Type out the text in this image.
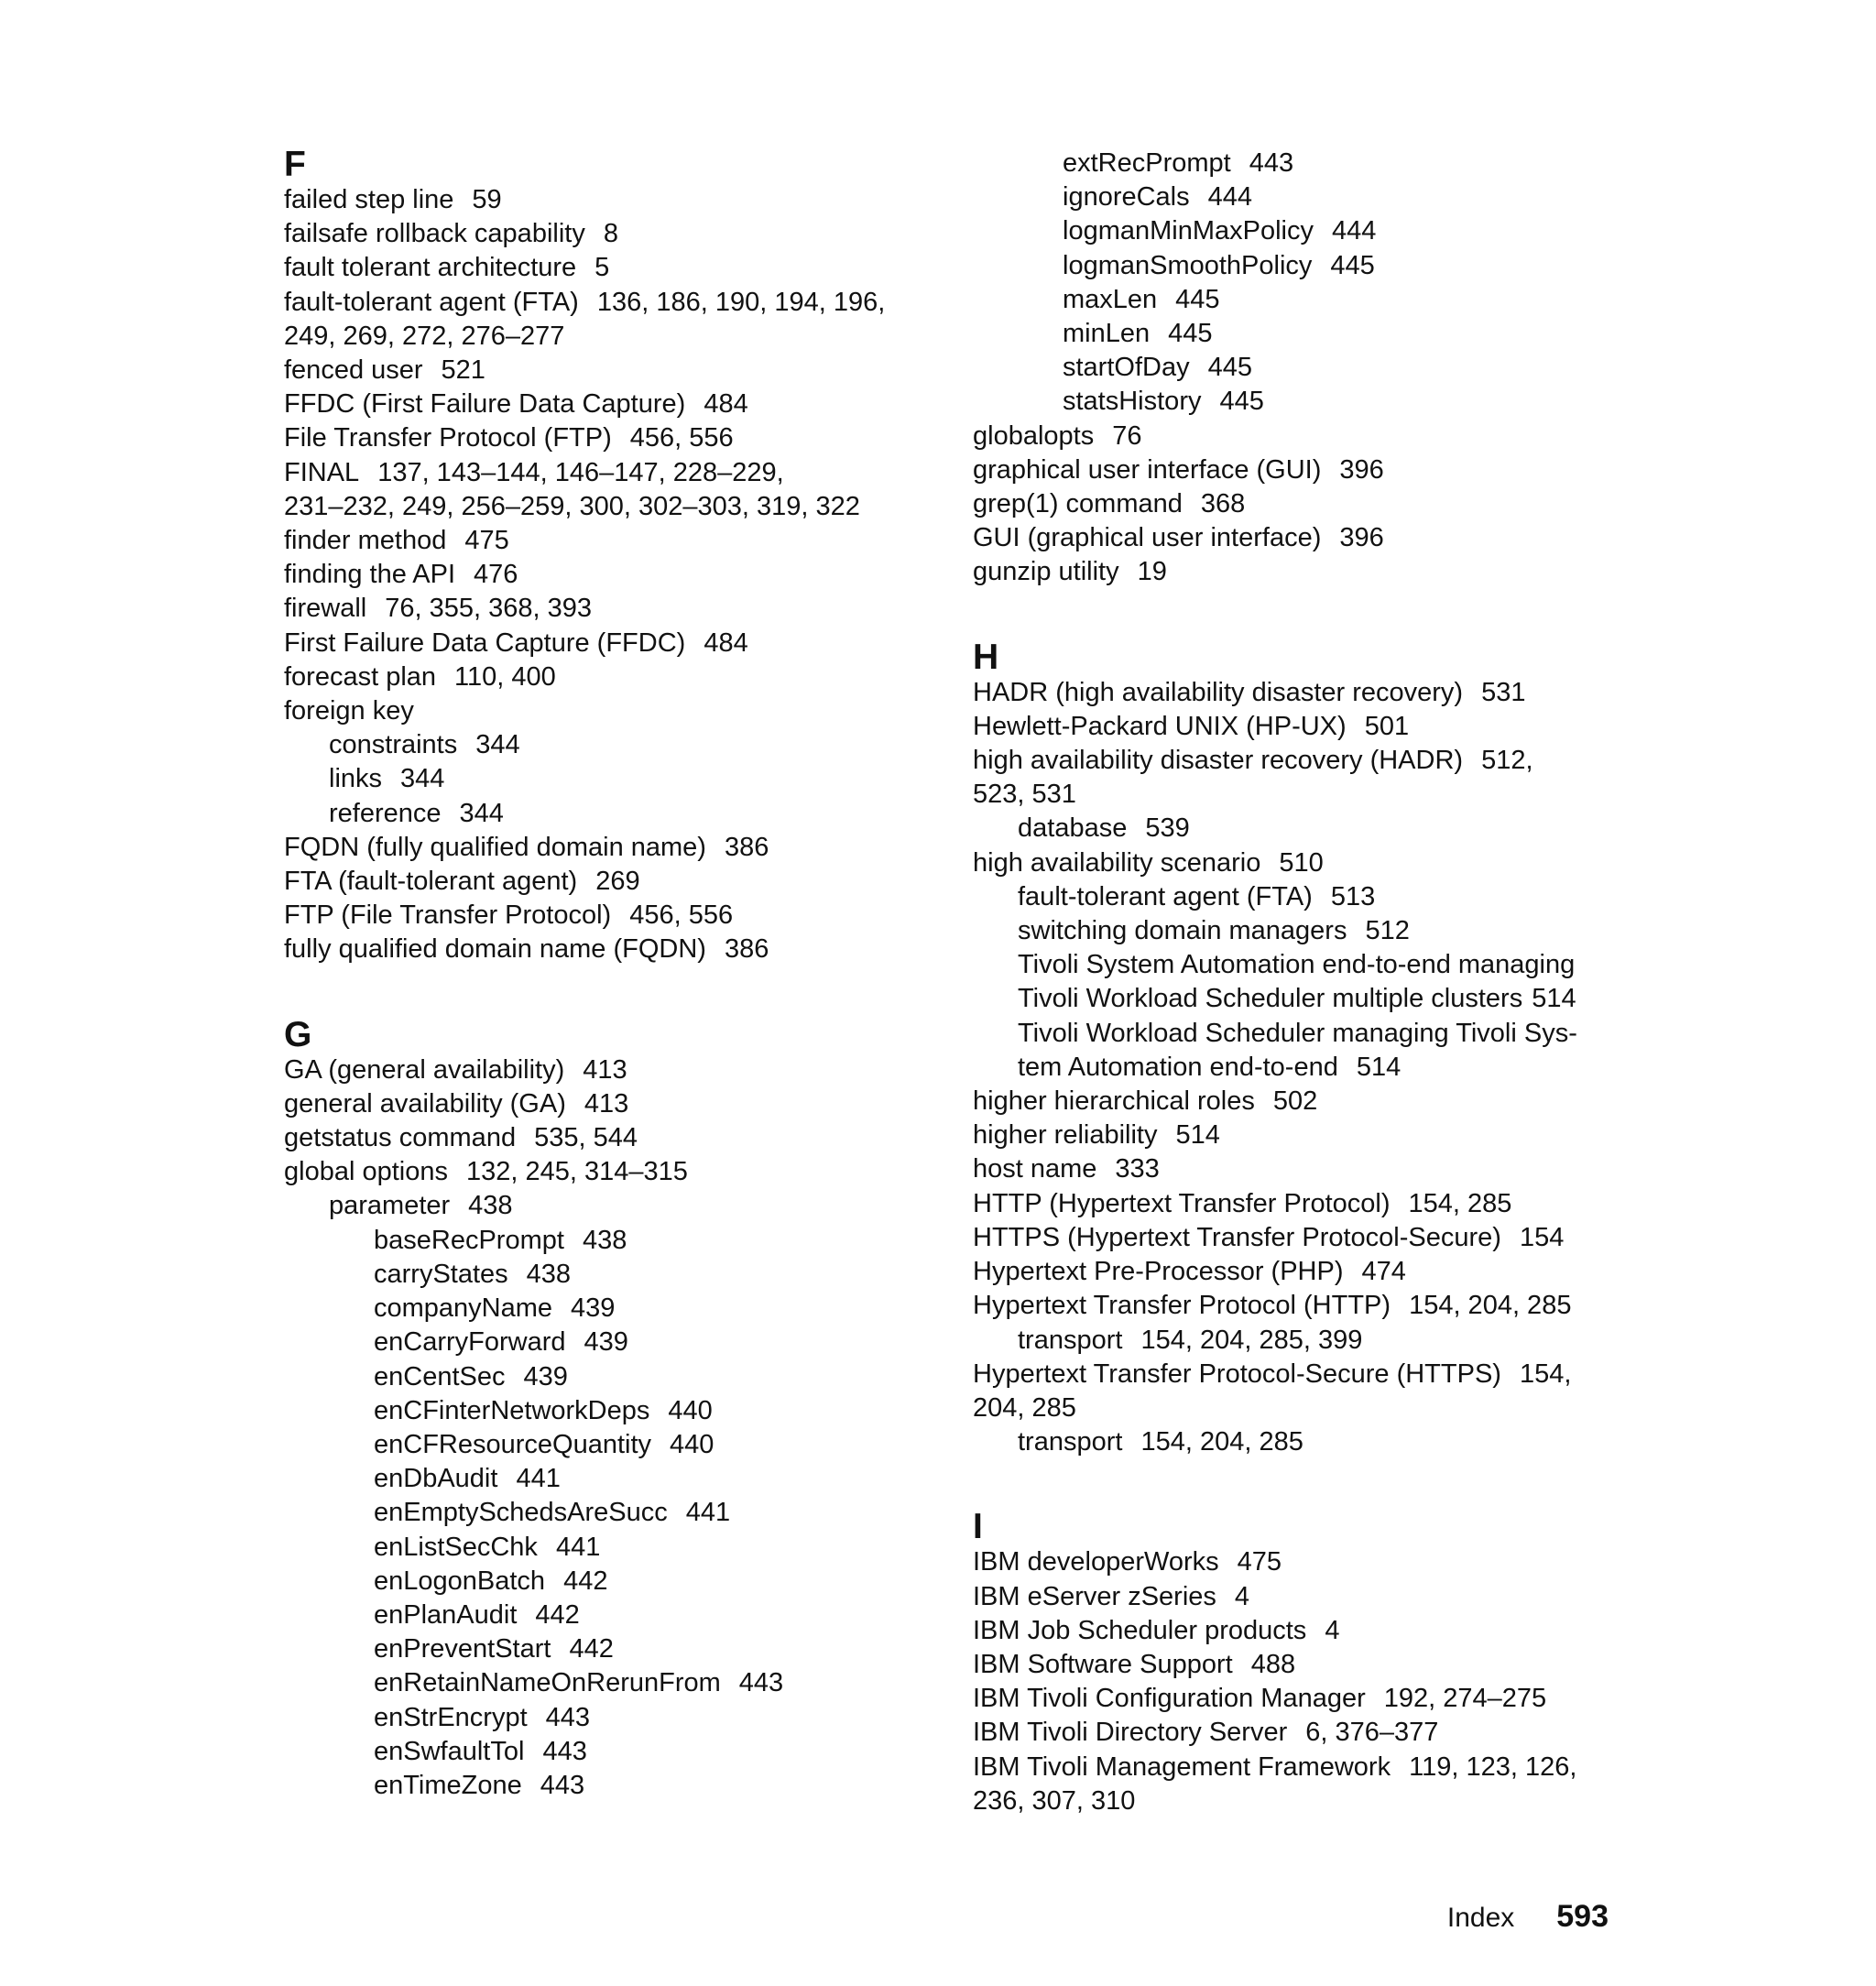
F
failed step line 59
failsafe rollback capability 8
fault tolerant architecture 5
fault-tolerant agent (FTA) 136, 186, 190, 194, 196,
249, 269, 272, 276–277
fenced user 521
FFDC (First Failure Data Capture) 484
File Transfer Protocol (FTP) 456, 556
FINAL 137, 143–144, 146–147, 228–229,
231–232, 249, 256–259, 300, 302–303, 319, 322
finder method 475
finding the API 476
firewall 76, 355, 368, 393
First Failure Data Capture (FFDC) 484
forecast plan 110, 400
foreign key
constraints 344
links 344
reference 344
FQDN (fully qualified domain name) 386
FTA (fault-tolerant agent) 269
FTP (File Transfer Protocol) 456, 556
fully qualified domain name (FQDN) 386
G
GA (general availability) 413
general availability (GA) 413
getstatus command 535, 544
global options 132, 245, 314–315
parameter 438
baseRecPrompt 438
carryStates 438
companyName 439
enCarryForward 439
enCentSec 439
enCFinterNetworkDeps 440
enCFResourceQuantity 440
enDbAudit 441
enEmptySchedsAreSucc 441
enListSecChk 441
enLogonBatch 442
enPlanAudit 442
enPreventStart 442
enRetainNameOnRerunFrom 443
enStrEncrypt 443
enSwfaultTol 443
enTimeZone 443
extRecPrompt 443
ignoreCals 444
logmanMinMaxPolicy 444
logmanSmoothPolicy 445
maxLen 445
minLen 445
startOfDay 445
statsHistory 445
globalopts 76
graphical user interface (GUI) 396
grep(1) command 368
GUI (graphical user interface) 396
gunzip utility 19
H
HADR (high availability disaster recovery) 531
Hewlett-Packard UNIX (HP-UX) 501
high availability disaster recovery (HADR) 512,
523, 531
database 539
high availability scenario 510
fault-tolerant agent (FTA) 513
switching domain managers 512
Tivoli System Automation end-to-end managing
Tivoli Workload Scheduler multiple clusters 514
Tivoli Workload Scheduler managing Tivoli Sys-
tem Automation end-to-end 514
higher hierarchical roles 502
higher reliability 514
host name 333
HTTP (Hypertext Transfer Protocol) 154, 285
HTTPS (Hypertext Transfer Protocol-Secure) 154
Hypertext Pre-Processor (PHP) 474
Hypertext Transfer Protocol (HTTP) 154, 204, 285
transport 154, 204, 285, 399
Hypertext Transfer Protocol-Secure (HTTPS) 154,
204, 285
transport 154, 204, 285
I
IBM developerWorks 475
IBM eServer zSeries 4
IBM Job Scheduler products 4
IBM Software Support 488
IBM Tivoli Configuration Manager 192, 274–275
IBM Tivoli Directory Server 6, 376–377
IBM Tivoli Management Framework 119, 123, 126,
236, 307, 310
Index 593
